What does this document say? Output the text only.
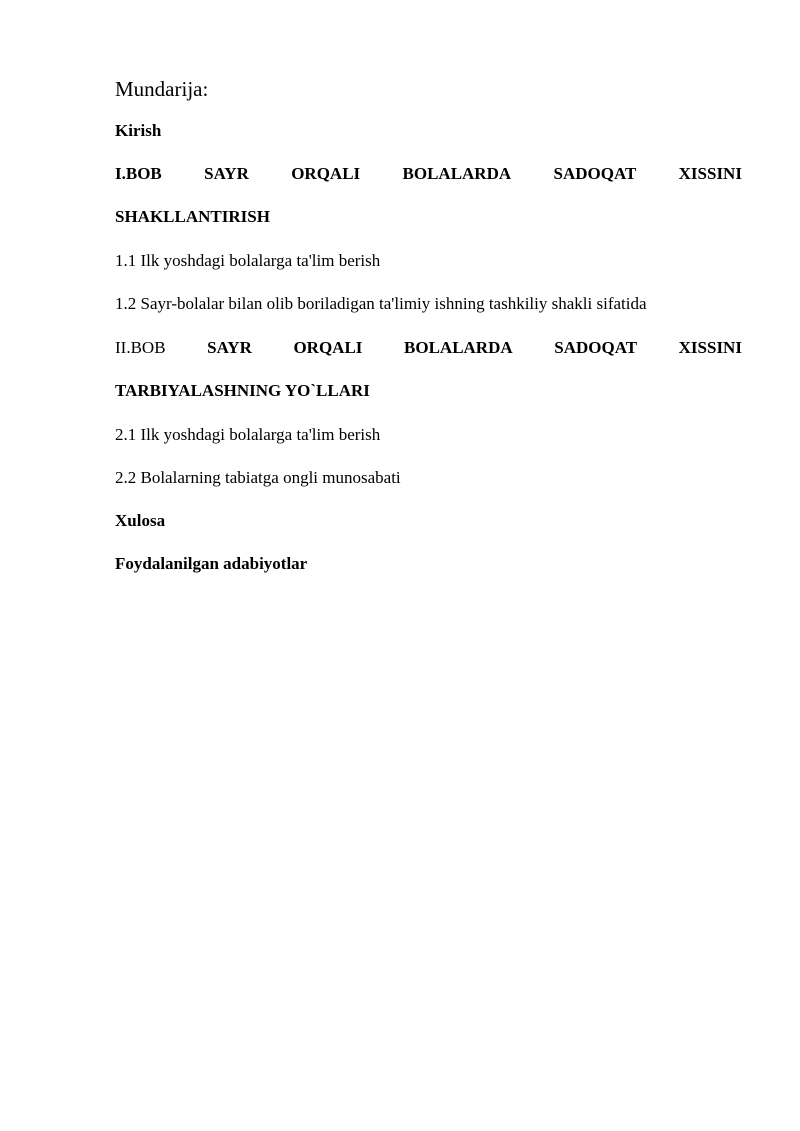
Mundarija:

Kirish

I.BOB SAYR ORQALI BOLALARDA SADOQAT XISSINI

SHAKLLANTIRISH

1.1 Ilk yoshdagi bolalarga ta'lim berish

1.2 Sayr-bolalar bilan olib boriladigan ta'limiy ishning tashkiliy shakli sifatida

II.BOB SAYR ORQALI BOLALARDA SADOQAT XISSINI

TARBIYALASHNING YO`LLARI

2.1 Ilk yoshdagi bolalarga ta'lim berish

2.2 Bolalarning tabiatga ongli munosabati

Xulosa

Foydalanilgan adabiyotlar
